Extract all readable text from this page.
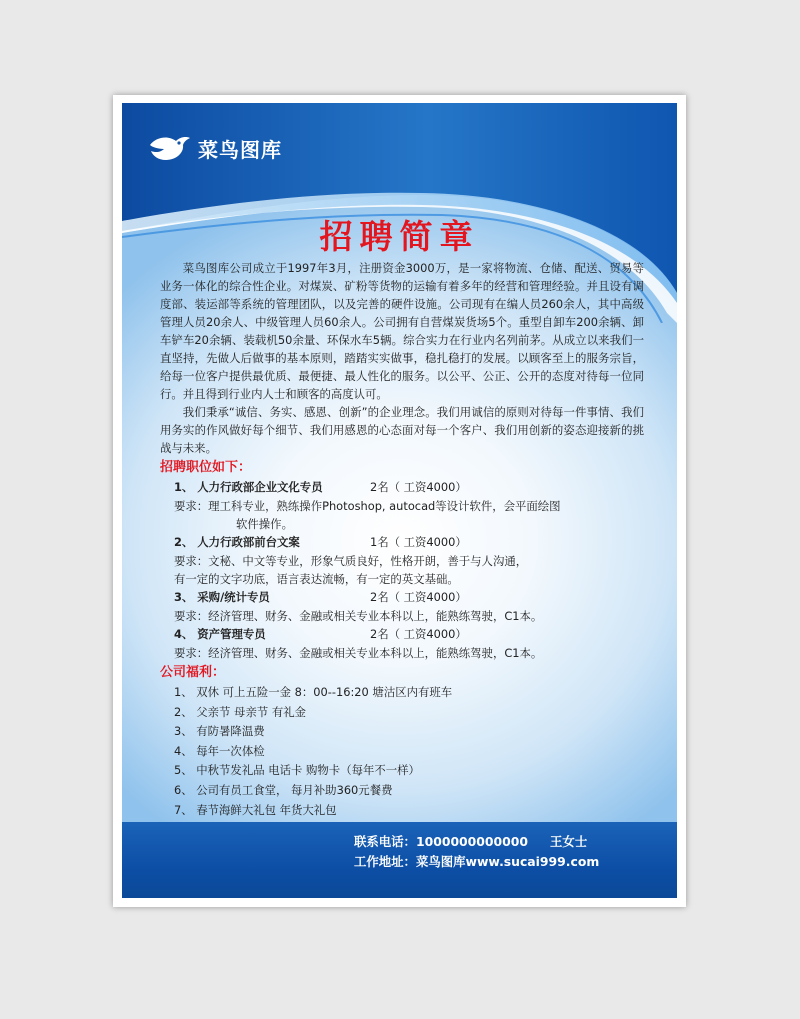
菜鸟图库
招聘简章

菜鸟图库公司成立于1997年3月，注册资金3000万，是一家将物流、仓储、配送、贸易等业务一体化的综合性企业。对煤炭、矿粉等货物的运输有着多年的经营和管理经验。并且设有调度部、装运部等系统的管理团队，以及完善的硬件设施。公司现有在编人员260余人，其中高级管理人员20余人、中级管理人员60余人。公司拥有自营煤炭货场5个。重型自卸车200余辆、卸车铲车20余辆、装载机50余量、环保水车5辆。综合实力在行业内名列前茅。从成立以来我们一直坚持，先做人后做事的基本原则，踏踏实实做事，稳扎稳打的发展。以顾客至上的服务宗旨，给每一位客户提供最优质、最便捷、最人性化的服务。以公平、公正、公开的态度对待每一位同行。并且得到行业内人士和顾客的高度认可。

我们秉承“诚信、务实、感恩、创新”的企业理念。我们用诚信的原则对待每一件事情、我们用务实的作风做好每个细节、我们用感恩的心态面对每一个客户、我们用创新的姿态迎接新的挑战与未来。

招聘职位如下：
1、 人力行政部企业文化专员	2名（ 工资4000）
要求：理工科专业，熟练操作Photoshop, autocad等设计软件，会平面绘图
软件操作。
2、 人力行政部前台文案	1名（ 工资4000）
要求：文秘、中文等专业，形象气质良好，性格开朗，善于与人沟通，
有一定的文字功底，语言表达流畅，有一定的英文基础。
3、 采购/统计专员	2名（ 工资4000）
要求：经济管理、财务、金融或相关专业本科以上，能熟练驾驶，C1本。
4、 资产管理专员	2名（ 工资4000）
要求：经济管理、财务、金融或相关专业本科以上，能熟练驾驶，C1本。
公司福利：
1、 双休 可上五险一金 8：00--16:20 塘沽区内有班车
2、 父亲节 母亲节 有礼金
3、 有防暑降温费
4、 每年一次体检
5、 中秋节发礼品 电话卡 购物卡（每年不一样）
6、 公司有员工食堂， 每月补助360元餐费
7、 春节海鲜大礼包 年货大礼包
联系电话：1000000000000 王女士
工作地址：菜鸟图库www.sucai999.com
